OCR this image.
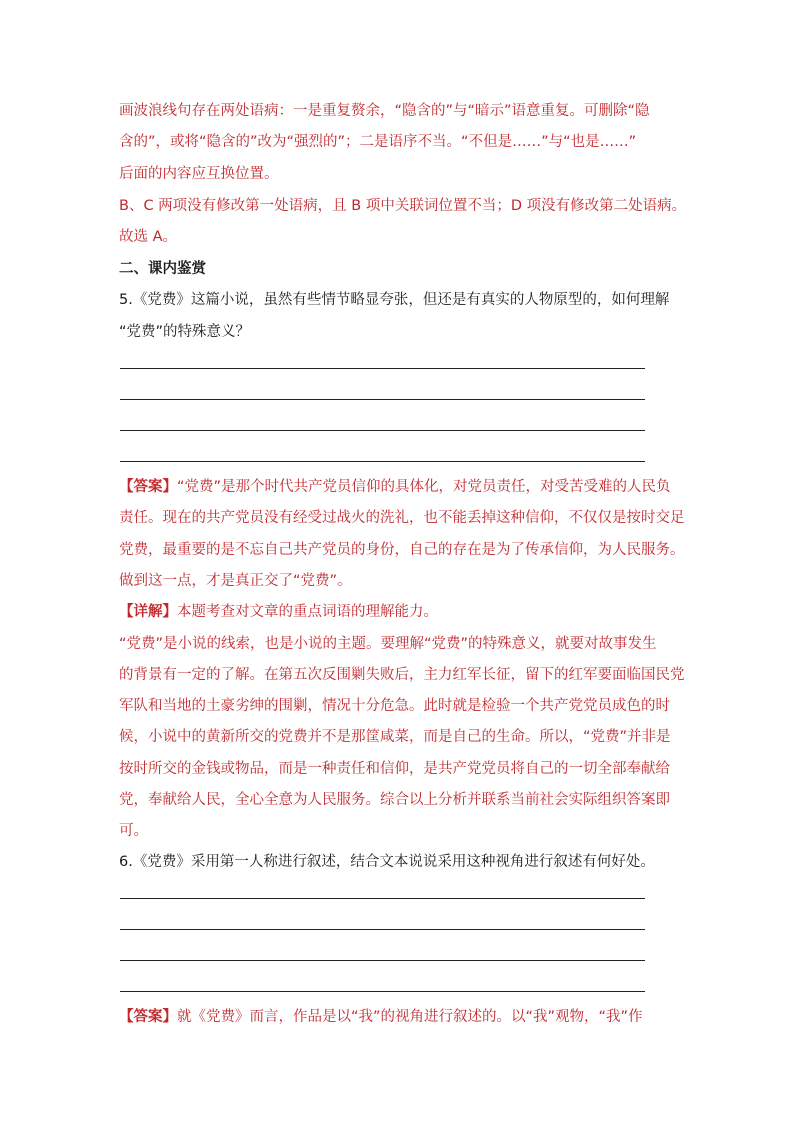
画波浪线句存在两处语病：一是重复赘余，“隐含的”与“暗示”语意重复。可删除“隐
含的”，或将“隐含的”改为“强烈的”；二是语序不当。“不但是……”与“也是……”
后面的内容应互换位置。
B、C 两项没有修改第一处语病，且 B 项中关联词位置不当；D 项没有修改第二处语病。
故选 A。
二、课内鉴赏
5.《党费》这篇小说，虽然有些情节略显夸张，但还是有真实的人物原型的，如何理解
“党费”的特殊意义？
【答案】“党费”是那个时代共产党员信仰的具体化，对党员责任，对受苦受难的人民负
责任。现在的共产党员没有经受过战火的洗礼，也不能丢掉这种信仰，不仅仅是按时交足
党费，最重要的是不忘自己共产党员的身份，自己的存在是为了传承信仰，为人民服务。
做到这一点，才是真正交了“党费”。
【详解】本题考查对文章的重点词语的理解能力。
“党费”是小说的线索，也是小说的主题。要理解“党费”的特殊意义，就要对故事发生
的背景有一定的了解。在第五次反围剿失败后，主力红军长征，留下的红军要面临国民党
军队和当地的土豪劣绅的围剿，情况十分危急。此时就是检验一个共产党党员成色的时
候，小说中的黄新所交的党费并不是那筐咸菜，而是自己的生命。所以，“党费”并非是
按时所交的金钱或物品，而是一种责任和信仰，是共产党党员将自己的一切全部奉献给
党，奉献给人民，全心全意为人民服务。综合以上分析并联系当前社会实际组织答案即
可。
6.《党费》采用第一人称进行叙述，结合文本说说采用这种视角进行叙述有何好处。
【答案】就《党费》而言，作品是以“我”的视角进行叙述的。以“我”观物，“我”作
